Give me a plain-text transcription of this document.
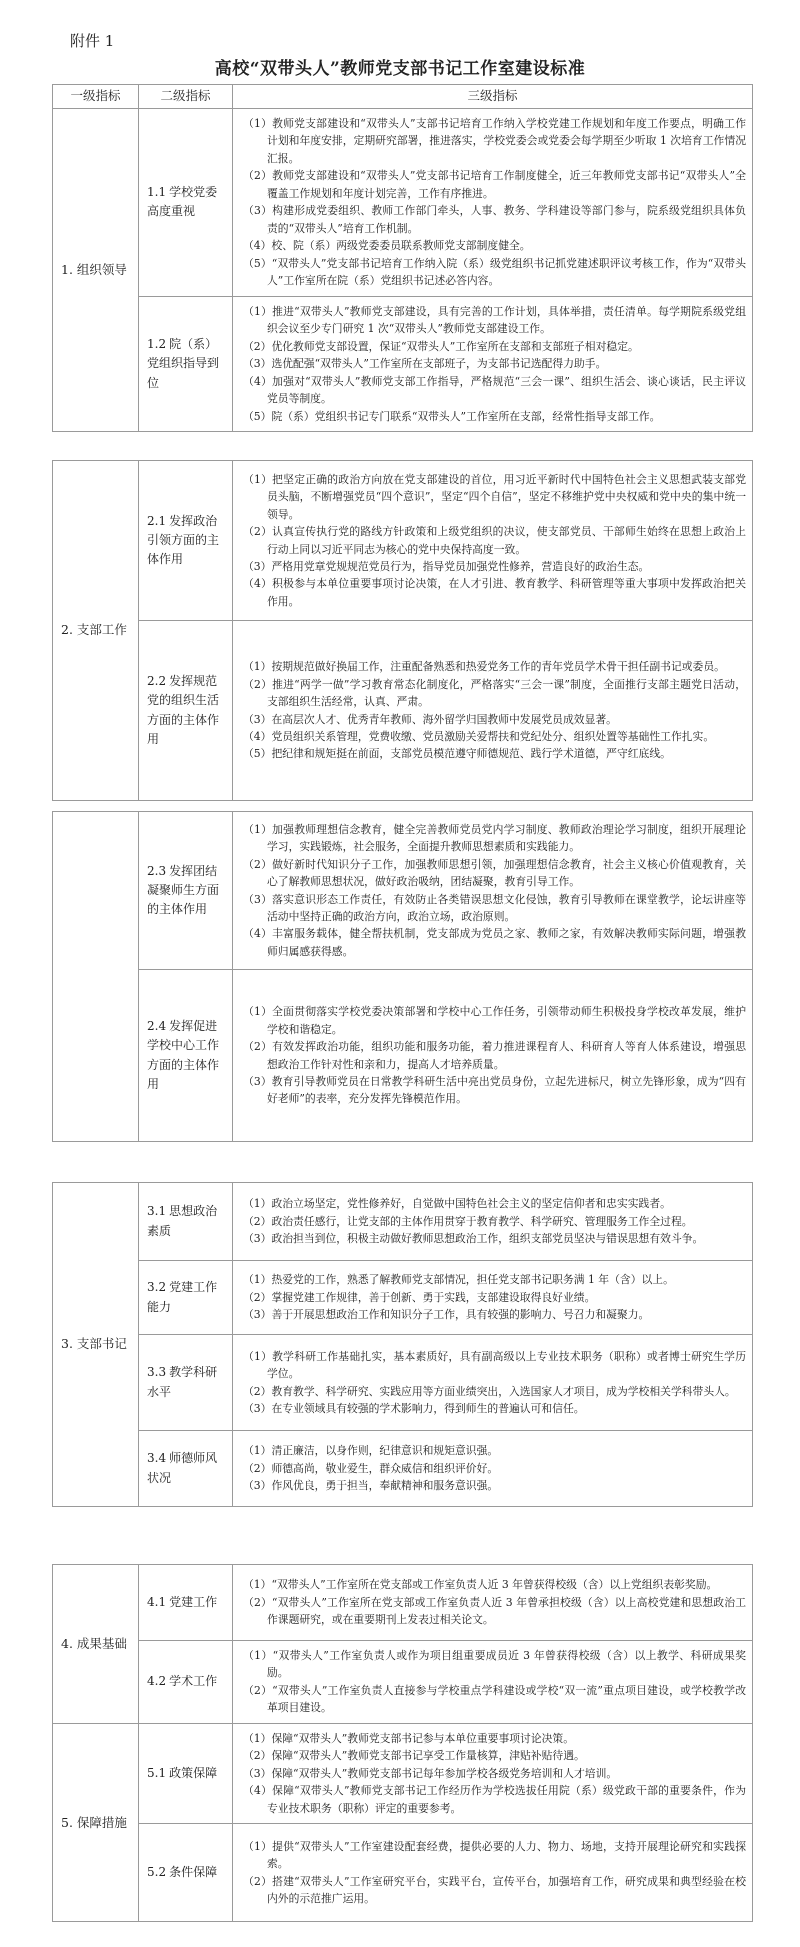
附件 1
高校“双带头人”教师党支部书记工作室建设标准
一级指标	二级指标	三级指标
1. 组织领导	1.1 学校党委高度重视	（1）教师党支部建设和“双带头人”支部书记培育工作纳入学校党建工作规划和年度工作要点，明确工作计划和年度安排，定期研究部署，推进落实，学校党委会或党委会每学期至少听取 1 次培育工作情况汇报。
（2）教师党支部建设和“双带头人”党支部书记培育工作制度健全，近三年教师党支部书记“双带头人”全覆盖工作规划和年度计划完善，工作有序推进。
（3）构建形成党委组织、教师工作部门牵头，人事、教务、学科建设等部门参与，院系级党组织具体负责的“双带头人”培育工作机制。
（4）校、院（系）两级党委委员联系教师党支部制度健全。
（5）“双带头人”党支部书记培育工作纳入院（系）级党组织书记抓党建述职评议考核工作，作为“双带头人”工作室所在院（系）党组织书记述必答内容。

	1.2 院（系）党组织指导到位	（1）推进“双带头人”教师党支部建设，具有完善的工作计划，具体举措，责任清单。每学期院系级党组织会议至少专门研究 1 次“双带头人”教师党支部建设工作。
（2）优化教师党支部设置，保证“双带头人”工作室所在支部和支部班子相对稳定。
（3）选优配强“双带头人”工作室所在支部班子，为支部书记选配得力助手。
（4）加强对“双带头人”教师党支部工作指导，严格规范“三会一课”、组织生活会、谈心谈话，民主评议党员等制度。
（5）院（系）党组织书记专门联系“双带头人”工作室所在支部，经常性指导支部工作。
2. 支部工作	2.1 发挥政治引领方面的主体作用	（1）把坚定正确的政治方向放在党支部建设的首位，用习近平新时代中国特色社会主义思想武装支部党员头脑，不断增强党员“四个意识”，坚定“四个自信”，坚定不移维护党中央权威和党中央的集中统一领导。
（2）认真宣传执行党的路线方针政策和上级党组织的决议，使支部党员、干部师生始终在思想上政治上行动上同以习近平同志为核心的党中央保持高度一致。
（3）严格用党章党规规范党员行为，指导党员加强党性修养，营造良好的政治生态。
（4）积极参与本单位重要事项讨论决策，在人才引进、教育教学、科研管理等重大事项中发挥政治把关作用。

	2.2 发挥规范党的组织生活方面的主体作用	（1）按期规范做好换届工作，注重配备熟悉和热爱党务工作的青年党员学术骨干担任副书记或委员。
（2）推进“两学一做”学习教育常态化制度化，严格落实“三会一课”制度，全面推行支部主题党日活动，支部组织生活经常，认真、严肃。
（3）在高层次人才、优秀青年教师、海外留学归国教师中发展党员成效显著。
（4）党员组织关系管理，党费收缴、党员激励关爱帮扶和党纪处分、组织处置等基础性工作扎实。
（5）把纪律和规矩挺在前面，支部党员模范遵守师德规范、践行学术道德，严守红底线。
	2.3 发挥团结凝聚师生方面的主体作用	（1）加强教师理想信念教育，健全完善教师党员党内学习制度、教师政治理论学习制度，组织开展理论学习，实践锻炼，社会服务，全面提升教师思想素质和实践能力。
（2）做好新时代知识分子工作，加强教师思想引领，加强理想信念教育，社会主义核心价值观教育，关心了解教师思想状况，做好政治吸纳，团结凝聚，教育引导工作。
（3）落实意识形态工作责任，有效防止各类错误思想文化侵蚀，教育引导教师在课堂教学，论坛讲座等活动中坚持正确的政治方向，政治立场，政治原则。
（4）丰富服务载体，健全帮扶机制，党支部成为党员之家、教师之家，有效解决教师实际问题，增强教师归属感获得感。

	2.4 发挥促进学校中心工作方面的主体作用	（1）全面贯彻落实学校党委决策部署和学校中心工作任务，引领带动师生积极投身学校改革发展，维护学校和谐稳定。
（2）有效发挥政治功能，组织功能和服务功能，着力推进课程育人、科研育人等育人体系建设，增强思想政治工作针对性和亲和力，提高人才培养质量。
（3）教育引导教师党员在日常教学科研生活中亮出党员身份，立起先进标尺，树立先锋形象，成为“四有好老师”的表率，充分发挥先锋模范作用。
3. 支部书记	3.1 思想政治素质	（1）政治立场坚定，党性修养好，自觉做中国特色社会主义的坚定信仰者和忠实实践者。
（2）政治责任感行，让党支部的主体作用贯穿于教育教学、科学研究、管理服务工作全过程。
（3）政治担当到位，积极主动做好教师思想政治工作，组织支部党员坚决与错误思想有效斗争。

	3.2 党建工作能力	（1）热爱党的工作，熟悉了解教师党支部情况，担任党支部书记职务满 1 年（含）以上。
（2）掌握党建工作规律，善于创新、勇于实践，支部建设取得良好业绩。
（3）善于开展思想政治工作和知识分子工作，具有较强的影响力、号召力和凝聚力。

	3.3 教学科研水平	（1）教学科研工作基础扎实，基本素质好，具有副高级以上专业技术职务（职称）或者博士研究生学历学位。
（2）教育教学、科学研究、实践应用等方面业绩突出，入选国家人才项目，成为学校相关学科带头人。
（3）在专业领域具有较强的学术影响力，得到师生的普遍认可和信任。

	3.4 师德师风状况	（1）清正廉洁，以身作则，纪律意识和规矩意识强。
（2）师德高尚，敬业爱生，群众威信和组织评价好。
（3）作风优良，勇于担当，奉献精神和服务意识强。
4. 成果基础	4.1 党建工作	（1）“双带头人”工作室所在党支部或工作室负责人近 3 年曾获得校级（含）以上党组织表彰奖励。
（2）“双带头人”工作室所在党支部或工作室负责人近 3 年曾承担校级（含）以上高校党建和思想政治工作课题研究，或在重要期刊上发表过相关论文。

	4.2 学术工作	（1）“双带头人”工作室负责人或作为项目组重要成员近 3 年曾获得校级（含）以上教学、科研成果奖励。
（2）“双带头人”工作室负责人直接参与学校重点学科建设或学校“双一流”重点项目建设，或学校教学改革项目建设。

5. 保障措施	5.1 政策保障	（1）保障“双带头人”教师党支部书记参与本单位重要事项讨论决策。
（2）保障“双带头人”教师党支部书记享受工作量核算，津贴补贴待遇。
（3）保障“双带头人”教师党支部书记每年参加学校各级党务培训和人才培训。
（4）保障“双带头人”教师党支部书记工作经历作为学校选拔任用院（系）级党政干部的重要条件，作为专业技术职务（职称）评定的重要参考。

	5.2 条件保障	（1）提供“双带头人”工作室建设配套经费，提供必要的人力、物力、场地，支持开展理论研究和实践探索。
（2）搭建“双带头人”工作室研究平台，实践平台，宣传平台，加强培育工作，研究成果和典型经验在校内外的示范推广运用。
